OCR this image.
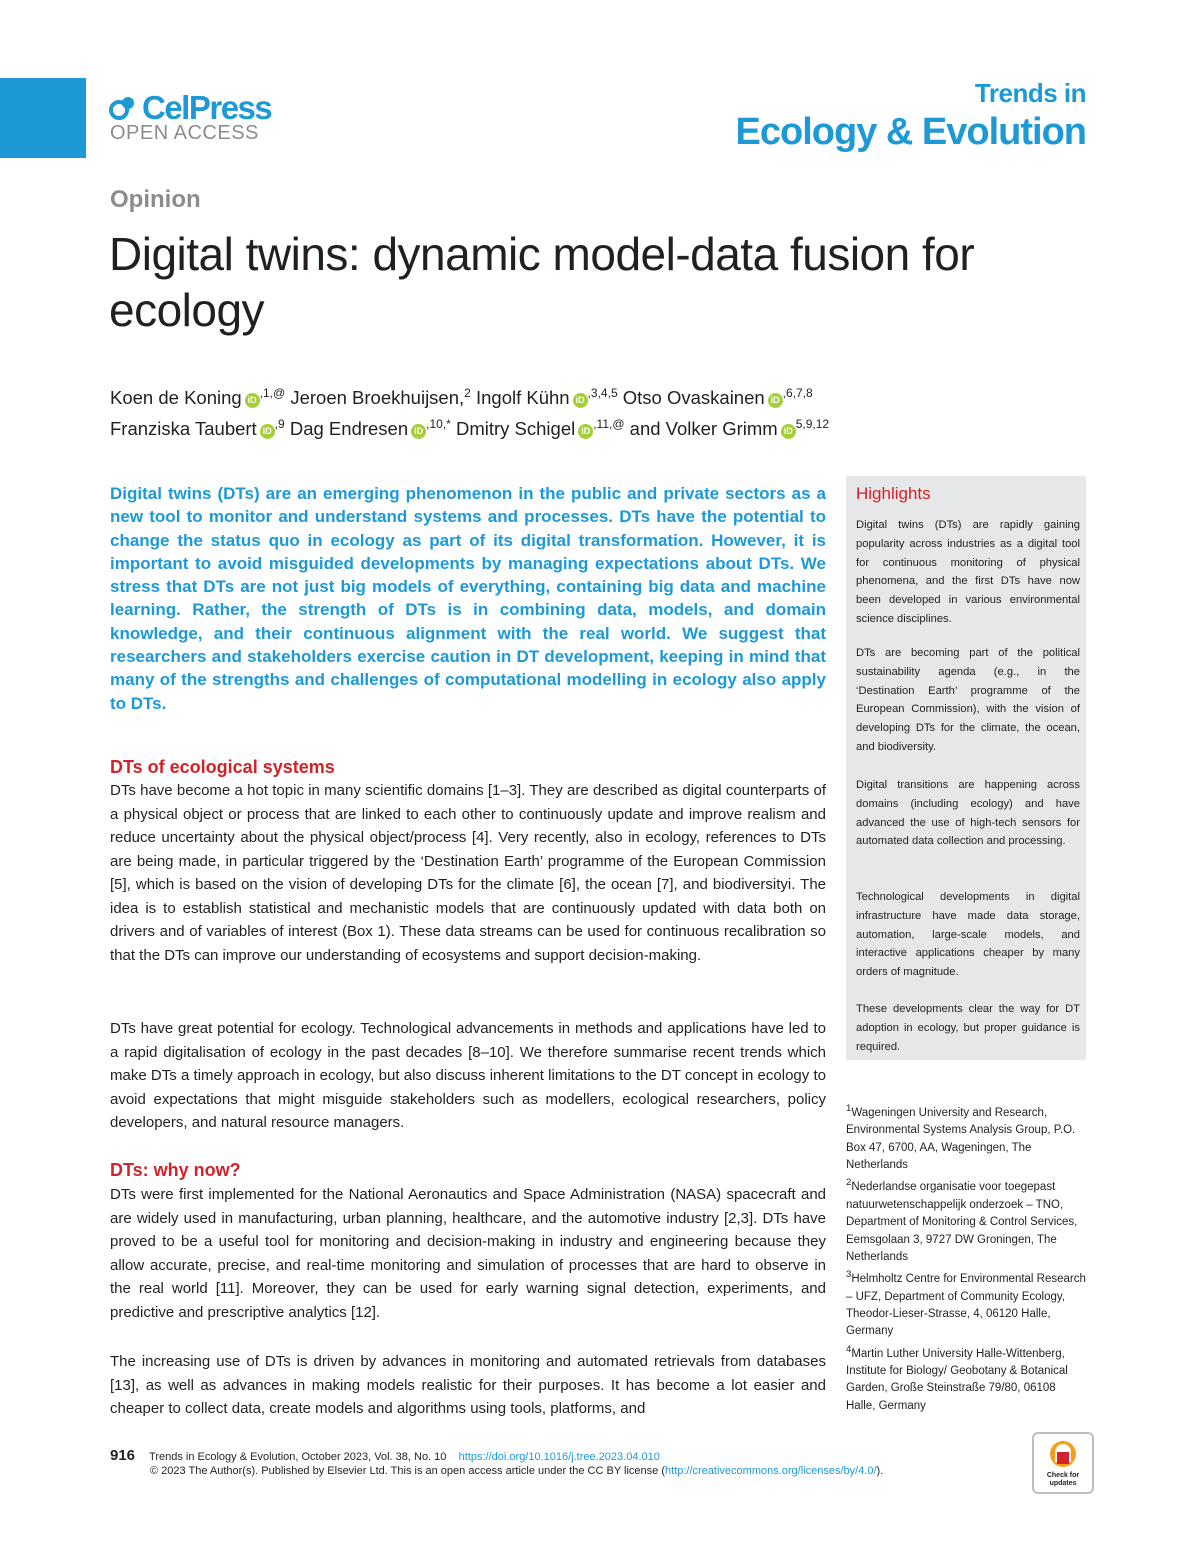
CelPress
OPEN ACCESS
Trends in
Ecology & Evolution
Opinion
Digital twins: dynamic model-data fusion for ecology
Koen de Koning iD $^{,1,@}$ Jeroen Broekhuijsen,$^2$ Ingolf Kühn iD $^{,3,4,5}$ Otso Ovaskainen iD $^{,6,7,8}$
Franziska Taubert iD $^{,9}$ Dag Endresen iD $^{,10,*}$ Dmitry Schigel iD $^{,11,@}$ and Volker Grimm iD $^{5,9,12}$
Digital twins (DTs) are an emerging phenomenon in the public and private sectors as a new tool to monitor and understand systems and processes. DTs have the potential to change the status quo in ecology as part of its digital transformation. However, it is important to avoid misguided developments by managing expectations about DTs. We stress that DTs are not just big models of everything, containing big data and machine learning. Rather, the strength of DTs is in combining data, models, and domain knowledge, and their continuous alignment with the real world. We suggest that researchers and stakeholders exercise caution in DT development, keeping in mind that many of the strengths and challenges of computational modelling in ecology also apply to DTs.
DTs of ecological systems
DTs have become a hot topic in many scientific domains [1–3]. They are described as digital counterparts of a physical object or process that are linked to each other to continuously update and improve realism and reduce uncertainty about the physical object/process [4]. Very recently, also in ecology, references to DTs are being made, in particular triggered by the ‘Destination Earth’ programme of the European Commission [5], which is based on the vision of developing DTs for the climate [6], the ocean [7], and biodiversityi. The idea is to establish statistical and mechanistic models that are continuously updated with data both on drivers and of variables of interest (Box 1). These data streams can be used for continuous recalibration so that the DTs can improve our understanding of ecosystems and support decision-making.
DTs have great potential for ecology. Technological advancements in methods and applications have led to a rapid digitalisation of ecology in the past decades [8–10]. We therefore summarise recent trends which make DTs a timely approach in ecology, but also discuss inherent limitations to the DT concept in ecology to avoid expectations that might misguide stakeholders such as modellers, ecological researchers, policy developers, and natural resource managers.
DTs: why now?
DTs were first implemented for the National Aeronautics and Space Administration (NASA) spacecraft and are widely used in manufacturing, urban planning, healthcare, and the automotive industry [2,3]. DTs have proved to be a useful tool for monitoring and decision-making in industry and engineering because they allow accurate, precise, and real-time monitoring and simulation of processes that are hard to observe in the real world [11]. Moreover, they can be used for early warning signal detection, experiments, and predictive and prescriptive analytics [12].
The increasing use of DTs is driven by advances in monitoring and automated retrievals from databases [13], as well as advances in making models realistic for their purposes. It has become a lot easier and cheaper to collect data, create models and algorithms using tools, platforms, and
Highlights
Digital twins (DTs) are rapidly gaining popularity across industries as a digital tool for continuous monitoring of physical phenomena, and the first DTs have now been developed in various environmental science disciplines.
DTs are becoming part of the political sustainability agenda (e.g., in the ‘Destination Earth’ programme of the European Commission), with the vision of developing DTs for the climate, the ocean, and biodiversity.
Digital transitions are happening across domains (including ecology) and have advanced the use of high-tech sensors for automated data collection and processing.
Technological developments in digital infrastructure have made data storage, automation, large-scale models, and interactive applications cheaper by many orders of magnitude.
These developments clear the way for DT adoption in ecology, but proper guidance is required.
$^1$Wageningen University and Research, Environmental Systems Analysis Group, P.O. Box 47, 6700, AA, Wageningen, The Netherlands
$^2$Nederlandse organisatie voor toegepast natuurwetenschappelijk onderzoek – TNO, Department of Monitoring & Control Services, Eemsgolaan 3, 9727 DW Groningen, The Netherlands
$^3$Helmholtz Centre for Environmental Research – UFZ, Department of Community Ecology, Theodor-Lieser-Strasse, 4, 06120 Halle, Germany
$^4$Martin Luther University Halle-Wittenberg, Institute for Biology/ Geobotany & Botanical Garden, Große Steinstraße 79/80, 06108 Halle, Germany
916 Trends in Ecology & Evolution, October 2023, Vol. 38, No. 10 https://doi.org/10.1016/j.tree.2023.04.010
© 2023 The Author(s). Published by Elsevier Ltd. This is an open access article under the CC BY license (http://creativecommons.org/licenses/by/4.0/).	Check for updates
